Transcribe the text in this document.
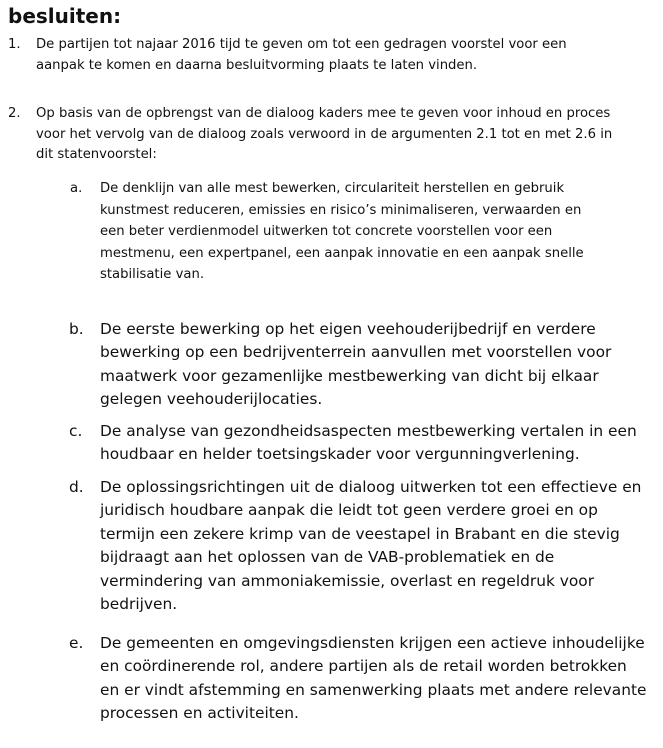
besluiten:
1. De partijen tot najaar 2016 tijd te geven om tot een gedragen voorstel voor een aanpak te komen en daarna besluitvorming plaats te laten vinden.
2. Op basis van de opbrengst van de dialoog kaders mee te geven voor inhoud en proces voor het vervolg van de dialoog zoals verwoord in de argumenten 2.1 tot en met 2.6 in dit statenvoorstel:
a. De denklijn van alle mest bewerken, circulariteit herstellen en gebruik kunstmest reduceren, emissies en risico’s minimaliseren, verwaarden en een beter verdienmodel uitwerken tot concrete voorstellen voor een mestmenu, een expertpanel, een aanpak innovatie en een aanpak snelle stabilisatie van.
b. De eerste bewerking op het eigen veehouderijbedrijf en verdere bewerking op een bedrijventerrein aanvullen met voorstellen voor maatwerk voor gezamenlijke mestbewerking van dicht bij elkaar gelegen veehouderijlocaties.
c. De analyse van gezondheidsaspecten mestbewerking vertalen in een houdbaar en helder toetsingskader voor vergunningverlening.
d. De oplossingsrichtingen uit de dialoog uitwerken tot een effectieve en juridisch houdbare aanpak die leidt tot geen verdere groei en op termijn een zekere krimp van de veestapel in Brabant en die stevig bijdraagt aan het oplossen van de VAB-problematiek en de vermindering van ammoniakemissie, overlast en regeldruk voor bedrijven.
e. De gemeenten en omgevingsdiensten krijgen een actieve inhoudelijke en coördinerende rol, andere partijen als de retail worden betrokken en er vindt afstemming en samenwerking plaats met andere relevante processen en activiteiten.
